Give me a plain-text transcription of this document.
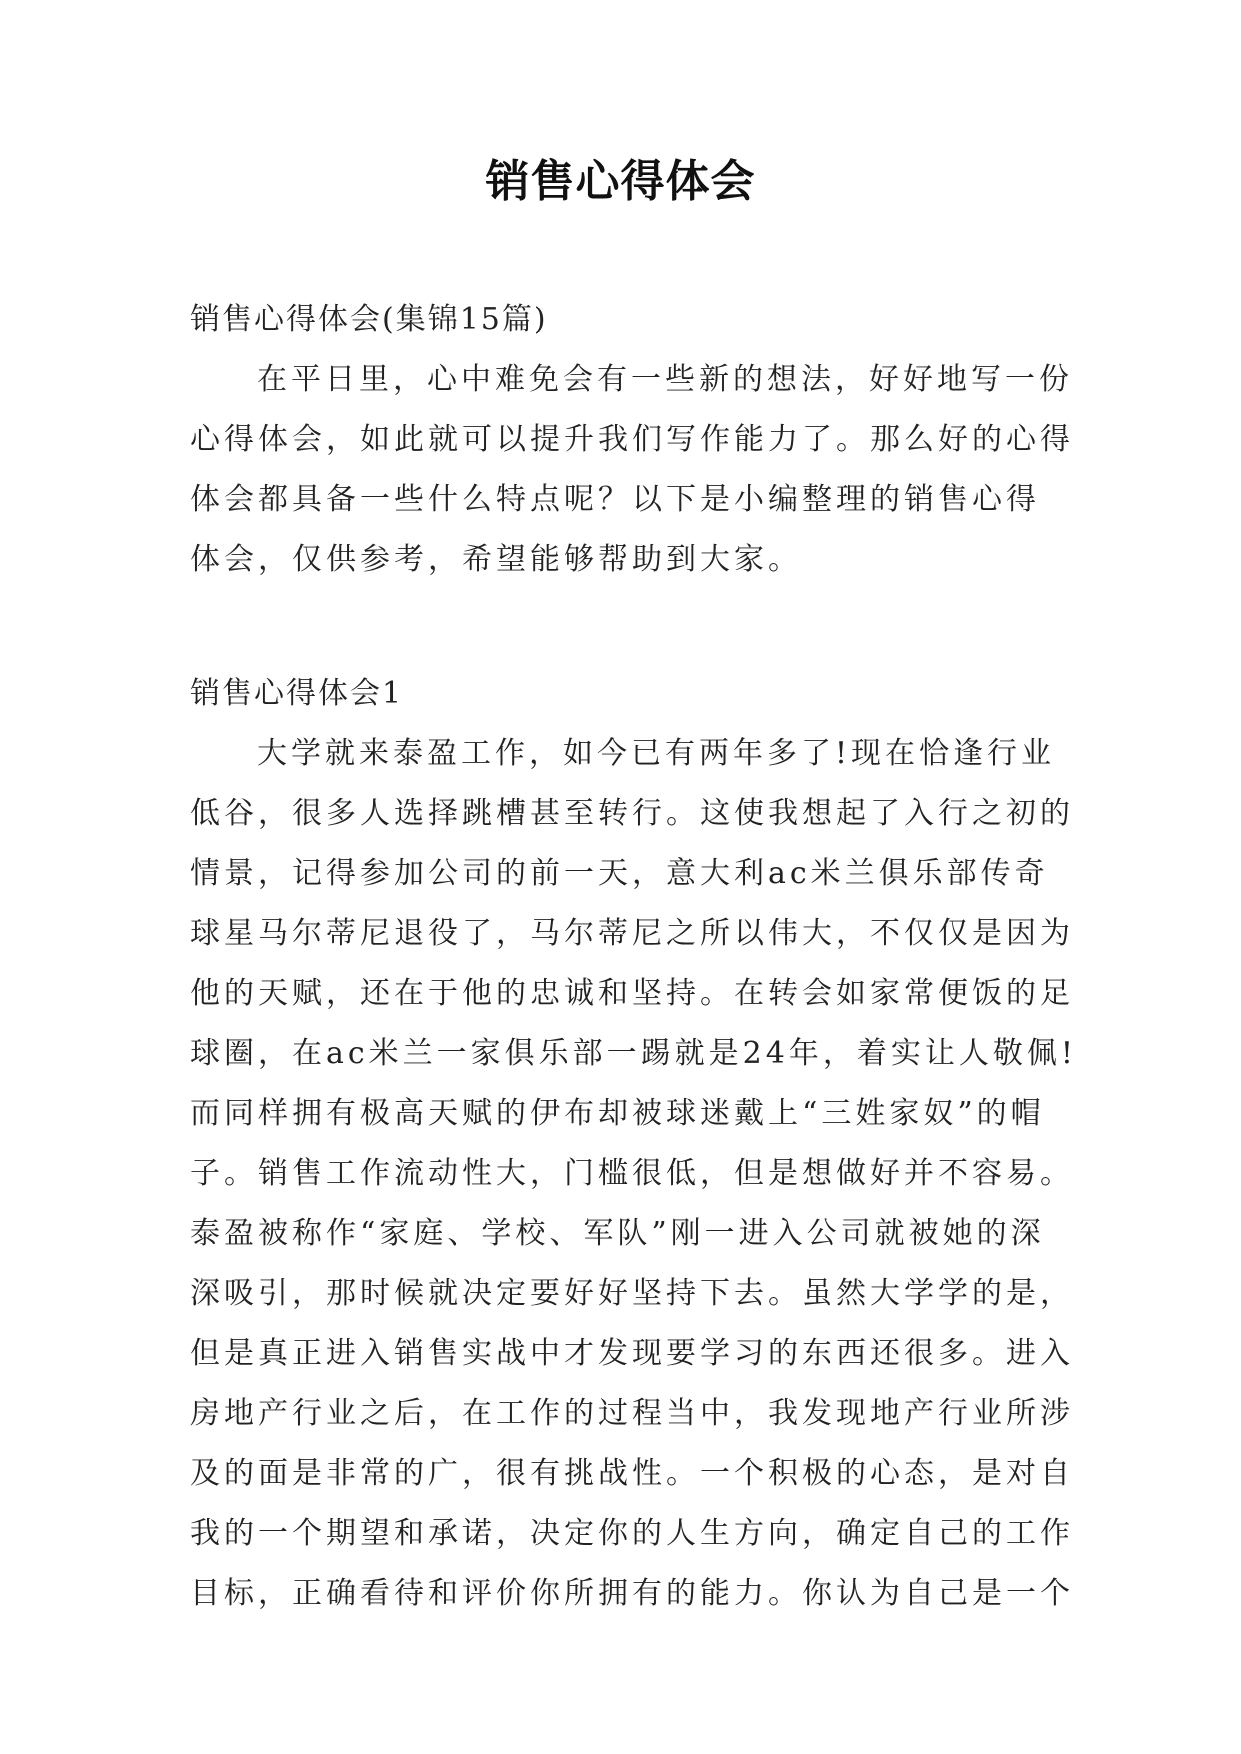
销售心得体会
销售心得体会(集锦15篇)
在平日里，心中难免会有一些新的想法，好好地写一份
心得体会，如此就可以提升我们写作能力了。那么好的心得
体会都具备一些什么特点呢？以下是小编整理的销售心得
体会，仅供参考，希望能够帮助到大家。
销售心得体会1
大学就来泰盈工作，如今已有两年多了!现在恰逢行业
低谷，很多人选择跳槽甚至转行。这使我想起了入行之初的
情景，记得参加公司的前一天，意大利ac米兰俱乐部传奇
球星马尔蒂尼退役了，马尔蒂尼之所以伟大，不仅仅是因为
他的天赋，还在于他的忠诚和坚持。在转会如家常便饭的足
球圈，在ac米兰一家俱乐部一踢就是24年，着实让人敬佩!
而同样拥有极高天赋的伊布却被球迷戴上“三姓家奴”的帽
子。销售工作流动性大，门槛很低，但是想做好并不容易。
泰盈被称作“家庭、学校、军队”刚一进入公司就被她的深
深吸引，那时候就决定要好好坚持下去。虽然大学学的是，
但是真正进入销售实战中才发现要学习的东西还很多。进入
房地产行业之后，在工作的过程当中，我发现地产行业所涉
及的面是非常的广，很有挑战性。一个积极的心态，是对自
我的一个期望和承诺，决定你的人生方向，确定自己的工作
目标，正确看待和评价你所拥有的能力。你认为自己是一个
